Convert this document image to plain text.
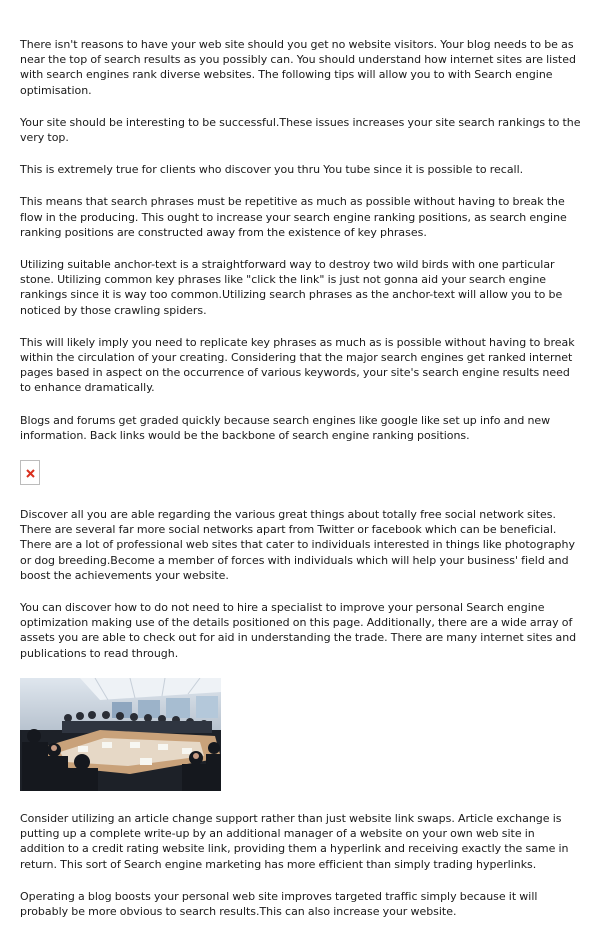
There isn't reasons to have your web site should you get no website visitors. Your blog needs to be as near the top of search results as you possibly can. You should understand how internet sites are listed with search engines rank diverse websites. The following tips will allow you to with Search engine optimisation.

Your site should be interesting to be successful.These issues increases your site search rankings to the very top.

This is extremely true for clients who discover you thru You tube since it is possible to recall.

This means that search phrases must be repetitive as much as possible without having to break the flow in the producing. This ought to increase your search engine ranking positions, as search engine ranking positions are constructed away from the existence of key phrases.

Utilizing suitable anchor-text is a straightforward way to destroy two wild birds with one particular stone. Utilizing common key phrases like "click the link" is just not gonna aid your search engine rankings since it is way too common.Utilizing search phrases as the anchor-text will allow you to be noticed by those crawling spiders.

This will likely imply you need to replicate key phrases as much as is possible without having to break within the circulation of your creating. Considering that the major search engines get ranked internet pages based in aspect on the occurrence of various keywords, your site's search engine results need to enhance dramatically.

Blogs and forums get graded quickly because search engines like google like set up info and new information. Back links would be the backbone of search engine ranking positions.

Discover all you are able regarding the various great things about totally free social network sites. There are several far more social networks apart from Twitter or facebook which can be beneficial. There are a lot of professional web sites that cater to individuals interested in things like photography or dog breeding.Become a member of forces with individuals which will help your business' field and boost the achievements your website.

You can discover how to do not need to hire a specialist to improve your personal Search engine optimization making use of the details positioned on this page. Additionally, there are a wide array of assets you are able to check out for aid in understanding the trade. There are many internet sites and publications to read through.

Consider utilizing an article change support rather than just website link swaps. Article exchange is putting up a complete write-up by an additional manager of a website on your own web site in addition to a credit rating website link, providing them a hyperlink and receiving exactly the same in return. This sort of Search engine marketing has more efficient than simply trading hyperlinks.

Operating a blog boosts your personal web site improves targeted traffic simply because it will probably be more obvious to search results.This can also increase your website.
